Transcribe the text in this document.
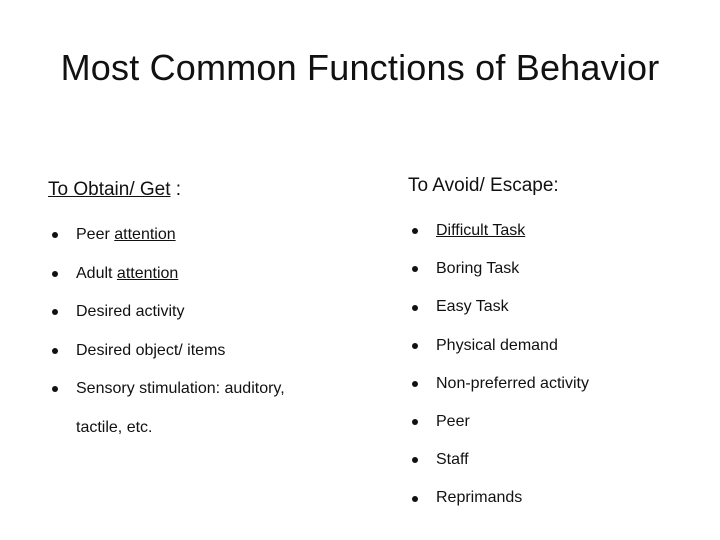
Most Common Functions of Behavior
To Obtain/ Get :
Peer attention
Adult attention
Desired activity
Desired object/ items
Sensory stimulation: auditory,
tactile, etc.
To Avoid/ Escape:
Difficult Task
Boring Task
Easy Task
Physical demand
Non-preferred activity
Peer
Staff
Reprimands
